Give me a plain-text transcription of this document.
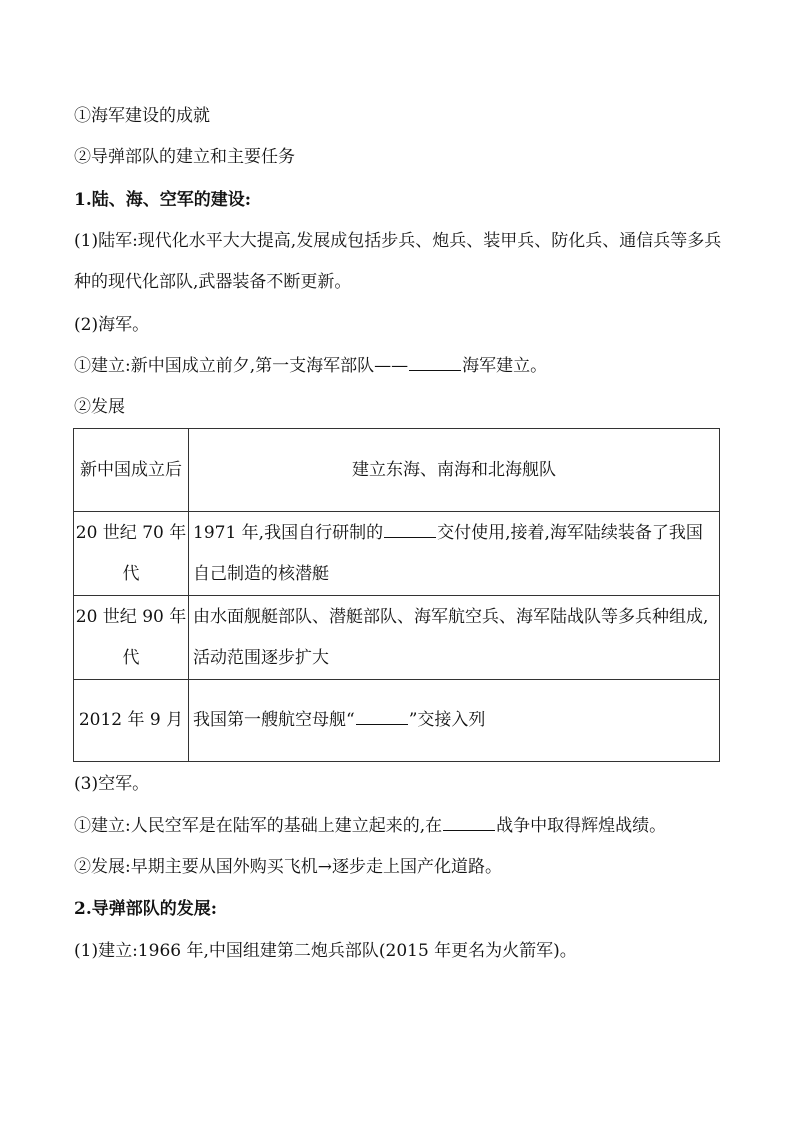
①海军建设的成就
②导弹部队的建立和主要任务
1.陆、海、空军的建设:
(1)陆军:现代化水平大大提高,发展成包括步兵、炮兵、装甲兵、防化兵、通信兵等多兵种的现代化部队,武器装备不断更新。
(2)海军。
①建立:新中国成立前夕,第一支海军部队——	海军建立。
②发展
新中国成立后	建立东海、南海和北海舰队
20 世纪 70 年代	1971 年,我国自行研制的 交付使用,接着,海军陆续装备了我国自己制造的核潜艇
20 世纪 90 年代	由水面舰艇部队、潜艇部队、海军航空兵、海军陆战队等多兵种组成,活动范围逐步扩大
2012 年 9 月	我国第一艘航空母舰“ ”交接入列
(3)空军。
①建立:人民空军是在陆军的基础上建立起来的,在	战争中取得辉煌战绩。
②发展:早期主要从国外购买飞机→逐步走上国产化道路。
2.导弹部队的发展:
(1)建立:1966 年,中国组建第二炮兵部队(2015 年更名为火箭军)。
